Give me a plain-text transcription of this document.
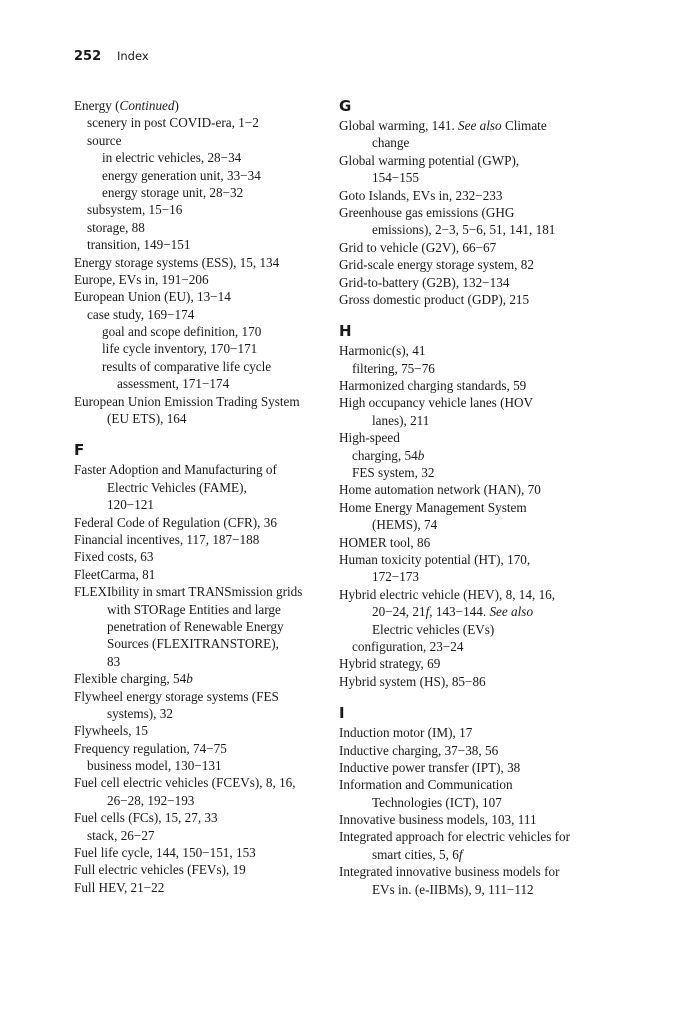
252 Index
Energy (Continued)
scenery in post COVID-era, 1−2
source
in electric vehicles, 28−34
energy generation unit, 33−34
energy storage unit, 28−32
subsystem, 15−16
storage, 88
transition, 149−151
Energy storage systems (ESS), 15, 134
Europe, EVs in, 191−206
European Union (EU), 13−14
case study, 169−174
goal and scope definition, 170
life cycle inventory, 170−171
results of comparative life cycle
assessment, 171−174
European Union Emission Trading System
(EU ETS), 164
F
Faster Adoption and Manufacturing of
Electric Vehicles (FAME),
120−121
Federal Code of Regulation (CFR), 36
Financial incentives, 117, 187−188
Fixed costs, 63
FleetCarma, 81
FLEXIbility in smart TRANSmission grids
with STORage Entities and large
penetration of Renewable Energy
Sources (FLEXITRANSTORE),
83
Flexible charging, 54b
Flywheel energy storage systems (FES
systems), 32
Flywheels, 15
Frequency regulation, 74−75
business model, 130−131
Fuel cell electric vehicles (FCEVs), 8, 16,
26−28, 192−193
Fuel cells (FCs), 15, 27, 33
stack, 26−27
Fuel life cycle, 144, 150−151, 153
Full electric vehicles (FEVs), 19
Full HEV, 21−22
G
Global warming, 141. See also Climate
change
Global warming potential (GWP),
154−155
Goto Islands, EVs in, 232−233
Greenhouse gas emissions (GHG
emissions), 2−3, 5−6, 51, 141, 181
Grid to vehicle (G2V), 66−67
Grid-scale energy storage system, 82
Grid-to-battery (G2B), 132−134
Gross domestic product (GDP), 215
H
Harmonic(s), 41
filtering, 75−76
Harmonized charging standards, 59
High occupancy vehicle lanes (HOV
lanes), 211
High-speed
charging, 54b
FES system, 32
Home automation network (HAN), 70
Home Energy Management System
(HEMS), 74
HOMER tool, 86
Human toxicity potential (HT), 170,
172−173
Hybrid electric vehicle (HEV), 8, 14, 16,
20−24, 21f, 143−144. See also
Electric vehicles (EVs)
configuration, 23−24
Hybrid strategy, 69
Hybrid system (HS), 85−86
I
Induction motor (IM), 17
Inductive charging, 37−38, 56
Inductive power transfer (IPT), 38
Information and Communication
Technologies (ICT), 107
Innovative business models, 103, 111
Integrated approach for electric vehicles for
smart cities, 5, 6f
Integrated innovative business models for
EVs in. (e-IIBMs), 9, 111−112
